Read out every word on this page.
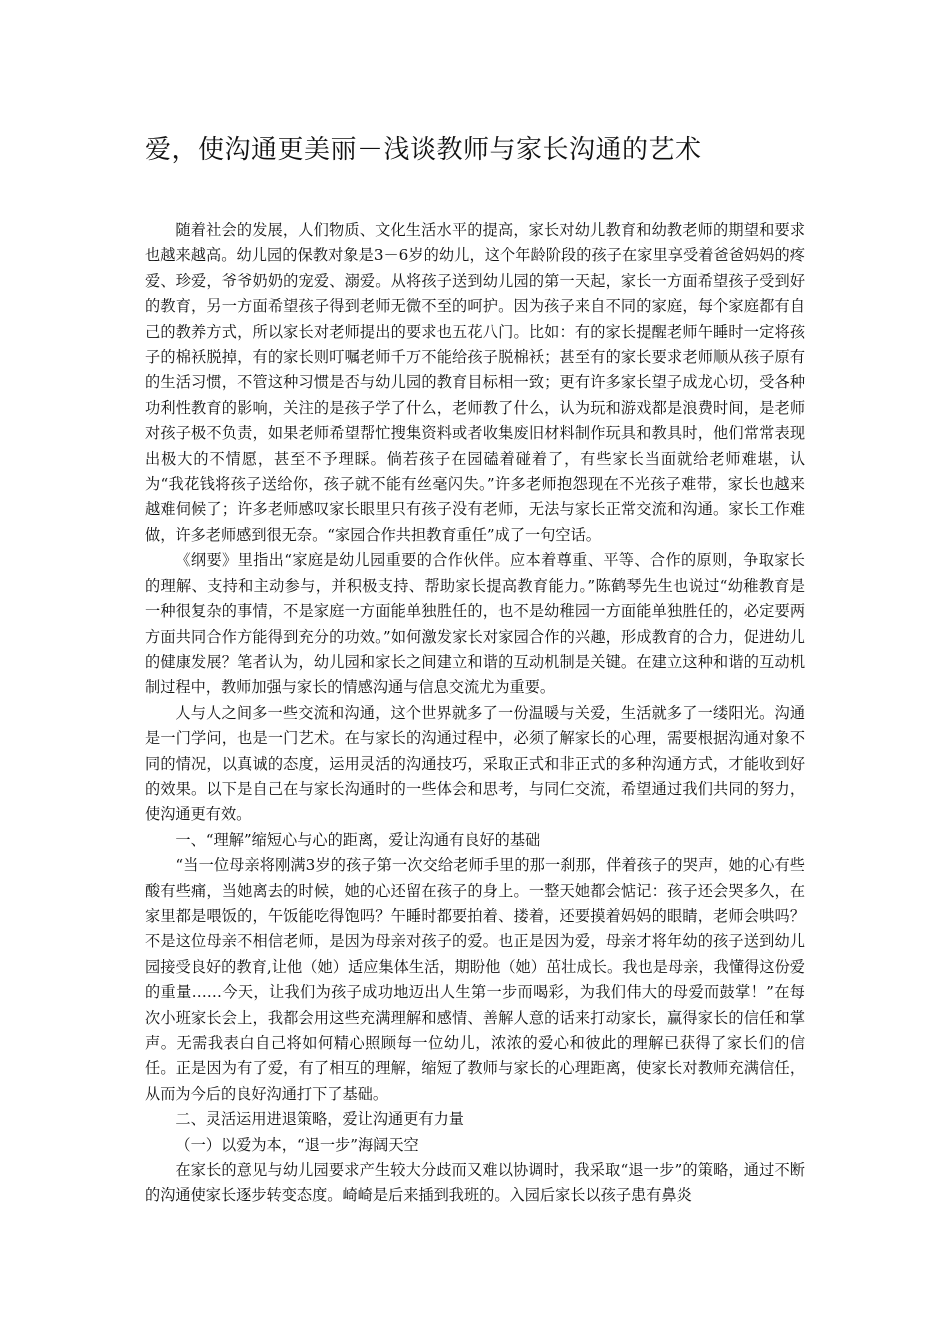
爱，使沟通更美丽－浅谈教师与家长沟通的艺术

随着社会的发展，人们物质、文化生活水平的提高，家长对幼儿教育和幼教老师的期望和要求也越来越高。幼儿园的保教对象是3－6岁的幼儿，这个年龄阶段的孩子在家里享受着爸爸妈妈的疼爱、珍爱，爷爷奶奶的宠爱、溺爱。从将孩子送到幼儿园的第一天起，家长一方面希望孩子受到好的教育，另一方面希望孩子得到老师无微不至的呵护。因为孩子来自不同的家庭，每个家庭都有自己的教养方式，所以家长对老师提出的要求也五花八门。比如：有的家长提醒老师午睡时一定将孩子的棉袄脱掉，有的家长则叮嘱老师千万不能给孩子脱棉袄；甚至有的家长要求老师顺从孩子原有的生活习惯，不管这种习惯是否与幼儿园的教育目标相一致；更有许多家长望子成龙心切，受各种功利性教育的影响，关注的是孩子学了什么，老师教了什么，认为玩和游戏都是浪费时间，是老师对孩子极不负责，如果老师希望帮忙搜集资料或者收集废旧材料制作玩具和教具时，他们常常表现出极大的不情愿，甚至不予理睬。倘若孩子在园磕着碰着了，有些家长当面就给老师难堪，认为“我花钱将孩子送给你，孩子就不能有丝毫闪失。”许多老师抱怨现在不光孩子难带，家长也越来越难伺候了；许多老师感叹家长眼里只有孩子没有老师，无法与家长正常交流和沟通。家长工作难做，许多老师感到很无奈。“家园合作共担教育重任”成了一句空话。

《纲要》里指出“家庭是幼儿园重要的合作伙伴。应本着尊重、平等、合作的原则，争取家长的理解、支持和主动参与，并积极支持、帮助家长提高教育能力。”陈鹤琴先生也说过“幼稚教育是一种很复杂的事情，不是家庭一方面能单独胜任的，也不是幼稚园一方面能单独胜任的，必定要两方面共同合作方能得到充分的功效。”如何激发家长对家园合作的兴趣，形成教育的合力，促进幼儿的健康发展？笔者认为，幼儿园和家长之间建立和谐的互动机制是关键。在建立这种和谐的互动机制过程中，教师加强与家长的情感沟通与信息交流尤为重要。

人与人之间多一些交流和沟通，这个世界就多了一份温暖与关爱，生活就多了一缕阳光。沟通是一门学问，也是一门艺术。在与家长的沟通过程中，必须了解家长的心理，需要根据沟通对象不同的情况，以真诚的态度，运用灵活的沟通技巧，采取正式和非正式的多种沟通方式，才能收到好的效果。以下是自己在与家长沟通时的一些体会和思考，与同仁交流，希望通过我们共同的努力，使沟通更有效。

一、“理解”缩短心与心的距离，爱让沟通有良好的基础

“当一位母亲将刚满3岁的孩子第一次交给老师手里的那一刹那，伴着孩子的哭声，她的心有些酸有些痛，当她离去的时候，她的心还留在孩子的身上。一整天她都会惦记：孩子还会哭多久，在家里都是喂饭的，午饭能吃得饱吗？午睡时都要拍着、搂着，还要摸着妈妈的眼睛，老师会哄吗？不是这位母亲不相信老师，是因为母亲对孩子的爱。也正是因为爱，母亲才将年幼的孩子送到幼儿园接受良好的教育,让他（她）适应集体生活，期盼他（她）茁壮成长。我也是母亲，我懂得这份爱的重量……今天，让我们为孩子成功地迈出人生第一步而喝彩，为我们伟大的母爱而鼓掌！”在每次小班家长会上，我都会用这些充满理解和感情、善解人意的话来打动家长，赢得家长的信任和掌声。无需我表白自己将如何精心照顾每一位幼儿，浓浓的爱心和彼此的理解已获得了家长们的信任。正是因为有了爱，有了相互的理解，缩短了教师与家长的心理距离，使家长对教师充满信任，从而为今后的良好沟通打下了基础。

二、灵活运用进退策略，爱让沟通更有力量

（一）以爱为本，“退一步”海阔天空

在家长的意见与幼儿园要求产生较大分歧而又难以协调时，我采取“退一步”的策略，通过不断的沟通使家长逐步转变态度。崎崎是后来插到我班的。入园后家长以孩子患有鼻炎
